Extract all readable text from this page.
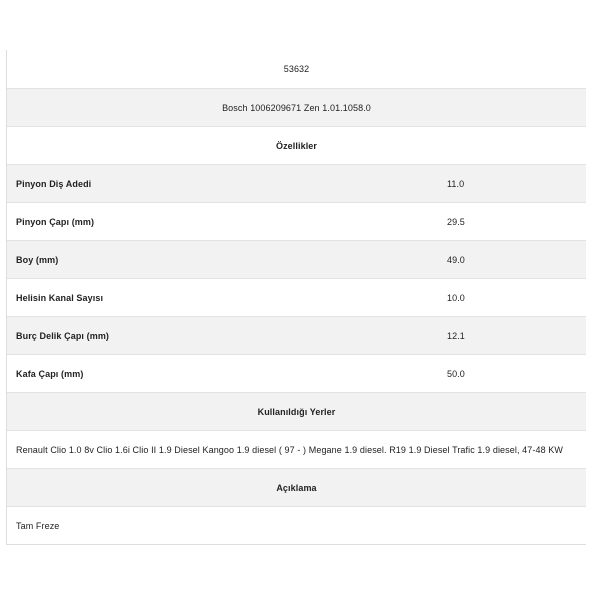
53632
Bosch 1006209671 Zen 1.01.1058.0
Özellikler
Pinyon Diş Adedi	11.0
Pinyon Çapı (mm)	29.5
Boy (mm)	49.0
Helisin Kanal Sayısı	10.0
Burç Delik Çapı (mm)	12.1
Kafa Çapı (mm)	50.0
Kullanıldığı Yerler
Renault Clio 1.0 8v Clio 1.6i Clio II 1.9 Diesel Kangoo 1.9 diesel ( 97 - ) Megane 1.9 diesel. R19 1.9 Diesel Trafic 1.9 diesel, 47-48 KW
Açıklama
Tam Freze
